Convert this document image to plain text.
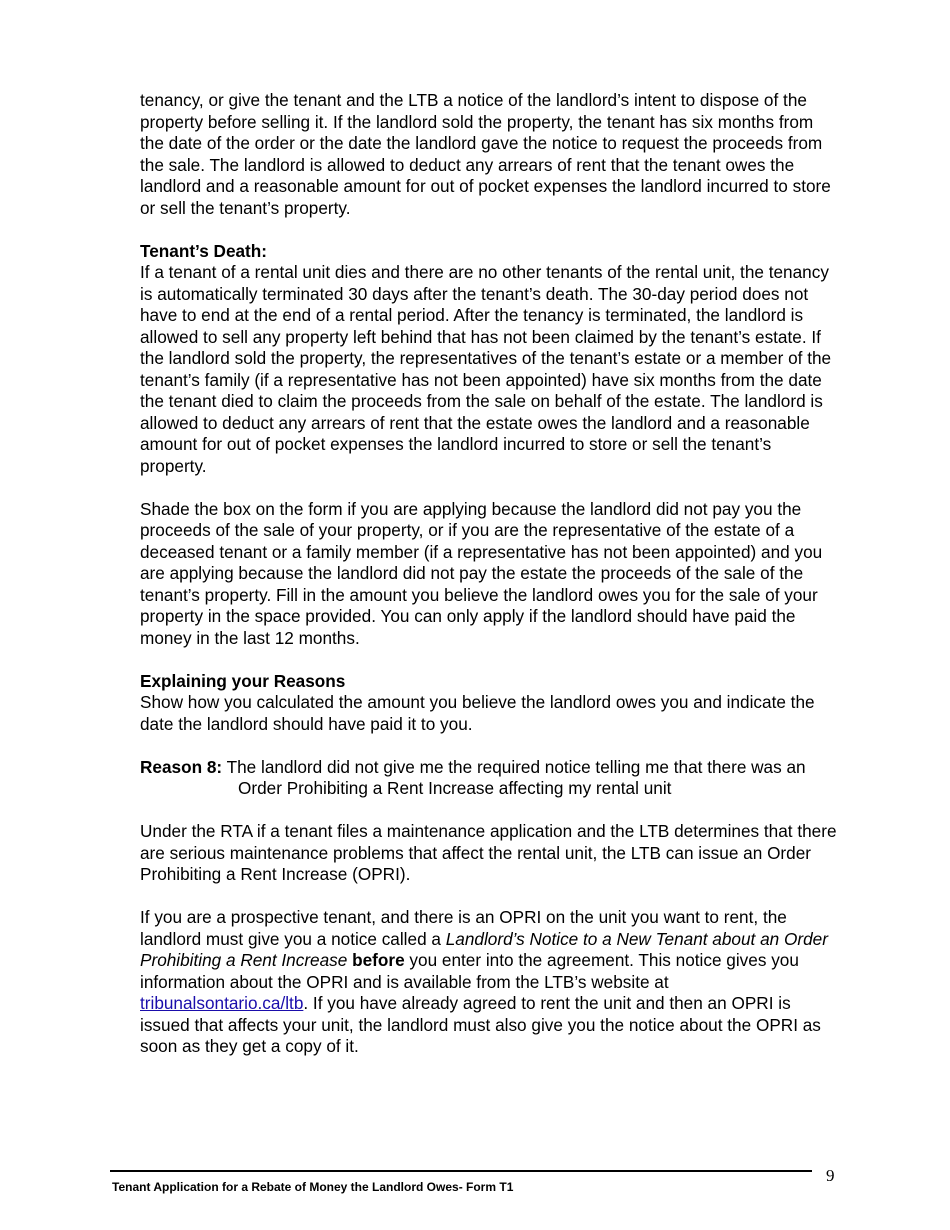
tenancy, or give the tenant and the LTB a notice of the landlord’s intent to dispose of the property before selling it. If the landlord sold the property, the tenant has six months from the date of the order or the date the landlord gave the notice to request the proceeds from the sale. The landlord is allowed to deduct any arrears of rent that the tenant owes the landlord and a reasonable amount for out of pocket expenses the landlord incurred to store or sell the tenant’s property.

Tenant’s Death:

If a tenant of a rental unit dies and there are no other tenants of the rental unit, the tenancy is automatically terminated 30 days after the tenant’s death. The 30-day period does not have to end at the end of a rental period. After the tenancy is terminated, the landlord is allowed to sell any property left behind that has not been claimed by the tenant’s estate. If the landlord sold the property, the representatives of the tenant’s estate or a member of the tenant’s family (if a representative has not been appointed) have six months from the date the tenant died to claim the proceeds from the sale on behalf of the estate. The landlord is allowed to deduct any arrears of rent that the estate owes the landlord and a reasonable amount for out of pocket expenses the landlord incurred to store or sell the tenant’s property.

Shade the box on the form if you are applying because the landlord did not pay you the proceeds of the sale of your property, or if you are the representative of the estate of a deceased tenant or a family member (if a representative has not been appointed) and you are applying because the landlord did not pay the estate the proceeds of the sale of the tenant’s property. Fill in the amount you believe the landlord owes you for the sale of your property in the space provided. You can only apply if the landlord should have paid the money in the last 12 months.

Explaining your Reasons

Show how you calculated the amount you believe the landlord owes you and indicate the date the landlord should have paid it to you.

Reason 8: The landlord did not give me the required notice telling me that there was an Order Prohibiting a Rent Increase affecting my rental unit

Under the RTA if a tenant files a maintenance application and the LTB determines that there are serious maintenance problems that affect the rental unit, the LTB can issue an Order Prohibiting a Rent Increase (OPRI).

If you are a prospective tenant, and there is an OPRI on the unit you want to rent, the landlord must give you a notice called a Landlord’s Notice to a New Tenant about an Order Prohibiting a Rent Increase before you enter into the agreement. This notice gives you information about the OPRI and is available from the LTB’s website at tribunalsontario.ca/ltb. If you have already agreed to rent the unit and then an OPRI is issued that affects your unit, the landlord must also give you the notice about the OPRI as soon as they get a copy of it.

Tenant Application for a Rebate of Money the Landlord Owes- Form T1
9
